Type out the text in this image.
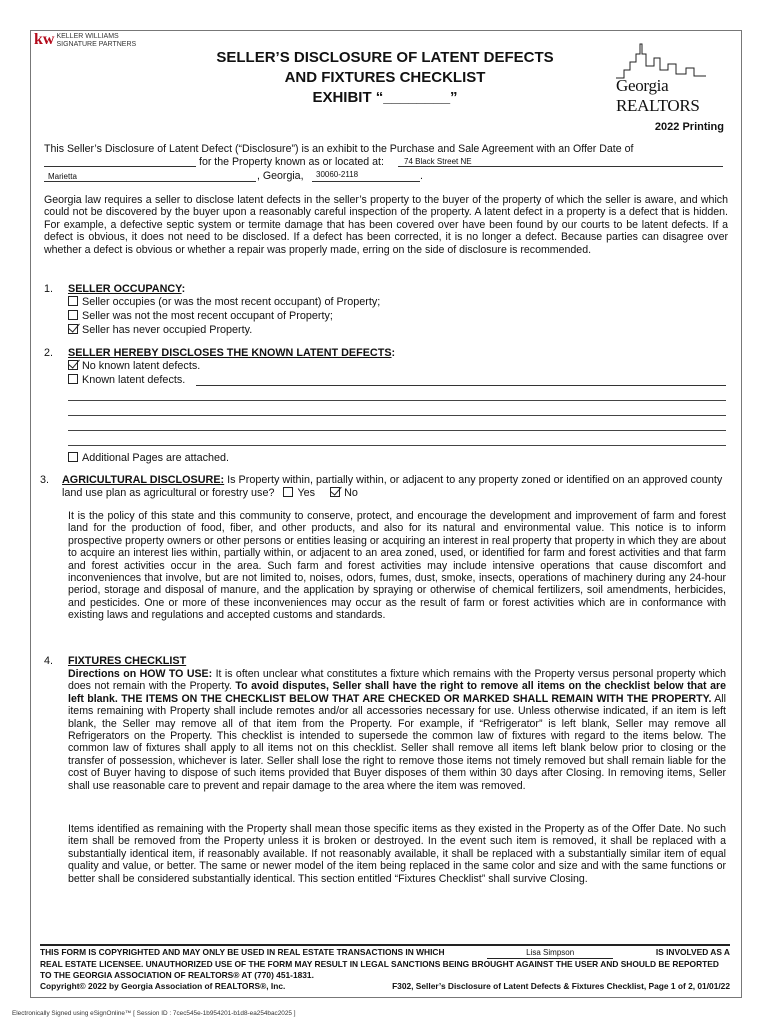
kw KELLER WILLIAMS
SIGNATURE PARTNERS
SELLER’S DISCLOSURE OF LATENT DEFECTS
AND FIXTURES CHECKLIST
EXHIBIT “________”
Georgia REALTORS
2022 Printing
This Seller’s Disclosure of Latent Defect (“Disclosure”) is an exhibit to the Purchase and Sale Agreement with an Offer Date of
for the Property known as or located at:	74 Black Street NE
Marietta	, Georgia, 30060-2118	.
Georgia law requires a seller to disclose latent defects in the seller’s property to the buyer of the property of which the seller is aware, and which could not be discovered by the buyer upon a reasonably careful inspection of the property. A latent defect in a property is a defect that is hidden. For example, a defective septic system or termite damage that has been covered over have been found by our courts to be latent defects. If a defect is obvious, it does not need to be disclosed. If a defect has been corrected, it is no longer a defect. Because parties can disagree over whether a defect is obvious or whether a repair was properly made, erring on the side of disclosure is recommended.
1. SELLER OCCUPANCY:
Seller occupies (or was the most recent occupant) of Property;
Seller was not the most recent occupant of Property;
Seller has never occupied Property.
2. SELLER HEREBY DISCLOSES THE KNOWN LATENT DEFECTS:
No known latent defects.
Known latent defects.
Additional Pages are attached.
3. AGRICULTURAL DISCLOSURE: Is Property within, partially within, or adjacent to any property zoned or identified on an approved county land use plan as agricultural or forestry use? Yes	No
It is the policy of this state and this community to conserve, protect, and encourage the development and improvement of farm and forest land for the production of food, fiber, and other products, and also for its natural and environmental value. This notice is to inform prospective property owners or other persons or entities leasing or acquiring an interest in real property that property in which they are about to acquire an interest lies within, partially within, or adjacent to an area zoned, used, or identified for farm and forest activities and that farm and forest activities occur in the area. Such farm and forest activities may include intensive operations that cause discomfort and inconveniences that involve, but are not limited to, noises, odors, fumes, dust, smoke, insects, operations of machinery during any 24-hour period, storage and disposal of manure, and the application by spraying or otherwise of chemical fertilizers, soil amendments, herbicides, and pesticides. One or more of these inconveniences may occur as the result of farm or forest activities which are in conformance with existing laws and regulations and accepted customs and standards.
4. FIXTURES CHECKLIST
Directions on HOW TO USE: It is often unclear what constitutes a fixture which remains with the Property versus personal property which does not remain with the Property. To avoid disputes, Seller shall have the right to remove all items on the checklist below that are left blank. THE ITEMS ON THE CHECKLIST BELOW THAT ARE CHECKED OR MARKED SHALL REMAIN WITH THE PROPERTY. All items remaining with Property shall include remotes and/or all accessories necessary for use. Unless otherwise indicated, if an item is left blank, the Seller may remove all of that item from the Property. For example, if “Refrigerator” is left blank, Seller may remove all Refrigerators on the Property. This checklist is intended to supersede the common law of fixtures with regard to the items below. The common law of fixtures shall apply to all items not on this checklist. Seller shall remove all items left blank below prior to closing or the transfer of possession, whichever is later. Seller shall lose the right to remove those items not timely removed but shall remain liable for the cost of Buyer having to dispose of such items provided that Buyer disposes of them within 30 days after Closing. In removing items, Seller shall use reasonable care to prevent and repair damage to the area where the item was removed.
Items identified as remaining with the Property shall mean those specific items as they existed in the Property as of the Offer Date. No such item shall be removed from the Property unless it is broken or destroyed. In the event such item is removed, it shall be replaced with a substantially identical item, if reasonably available. If not reasonably available, it shall be replaced with a substantially similar item of equal quality and value, or better. The same or newer model of the item being replaced in the same color and size and with the same functions or better shall be considered substantially identical. This section entitled “Fixtures Checklist” shall survive Closing.
THIS FORM IS COPYRIGHTED AND MAY ONLY BE USED IN REAL ESTATE TRANSACTIONS IN WHICH	Lisa Simpson	IS INVOLVED AS A
REAL ESTATE LICENSEE. UNAUTHORIZED USE OF THE FORM MAY RESULT IN LEGAL SANCTIONS BEING BROUGHT AGAINST THE USER AND SHOULD BE REPORTED TO THE GEORGIA ASSOCIATION OF REALTORS® AT (770) 451-1831.
Copyright© 2022 by Georgia Association of REALTORS®, Inc.	F302, Seller’s Disclosure of Latent Defects & Fixtures Checklist, Page 1 of 2, 01/01/22
Electronically Signed using eSignOnline™ [ Session ID : 7cec545e-1b954201-b1d8-ea254bac2025 ]
